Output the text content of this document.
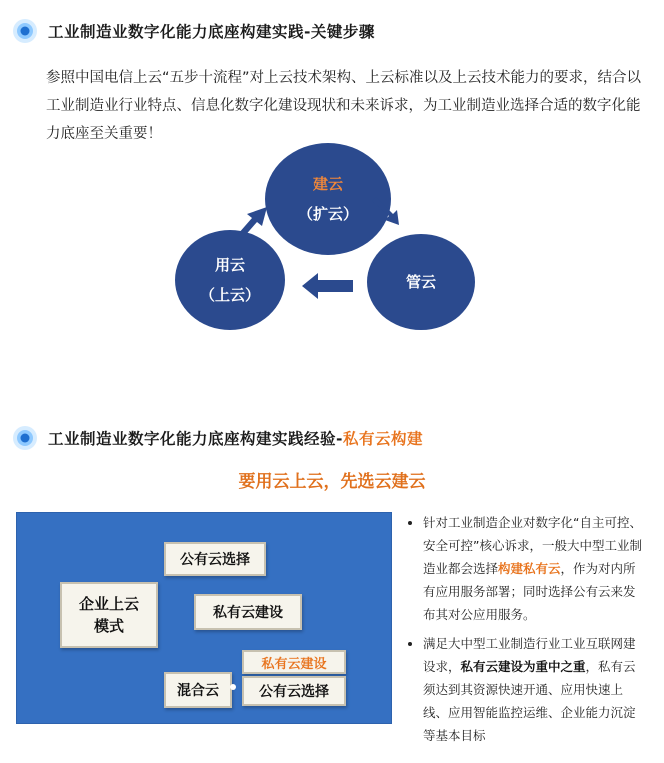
工业制造业数字化能力底座构建实践-关键步骤
参照中国电信上云“五步十流程”对上云技术架构、上云标准以及上云技术能力的要求，结合以工业制造业行业特点、信息化数字化建设现状和未来诉求，为工业制造业选择合适的数字化能力底座至关重要！
建云
（扩云）
管云
用云
（上云）
工业制造业数字化能力底座构建实践经验- 私有云构建
要用云上云，先选云建云
企业上云
模式
公有云选择
私有云建设
混合云
私有云建设
公有云选择
• 针对工业制造企业对数字化“自主可控、安全可控”核心诉求，一般大中型工业制造业都会选择构建私有云，作为对内所有应用服务部署；同时选择公有云来发布其对公应用服务。
• 满足大中型工业制造行业工业互联网建设求，私有云建设为重中之重，私有云须达到其资源快速开通、应用快速上线、应用智能监控运维、企业能力沉淀等基本目标
